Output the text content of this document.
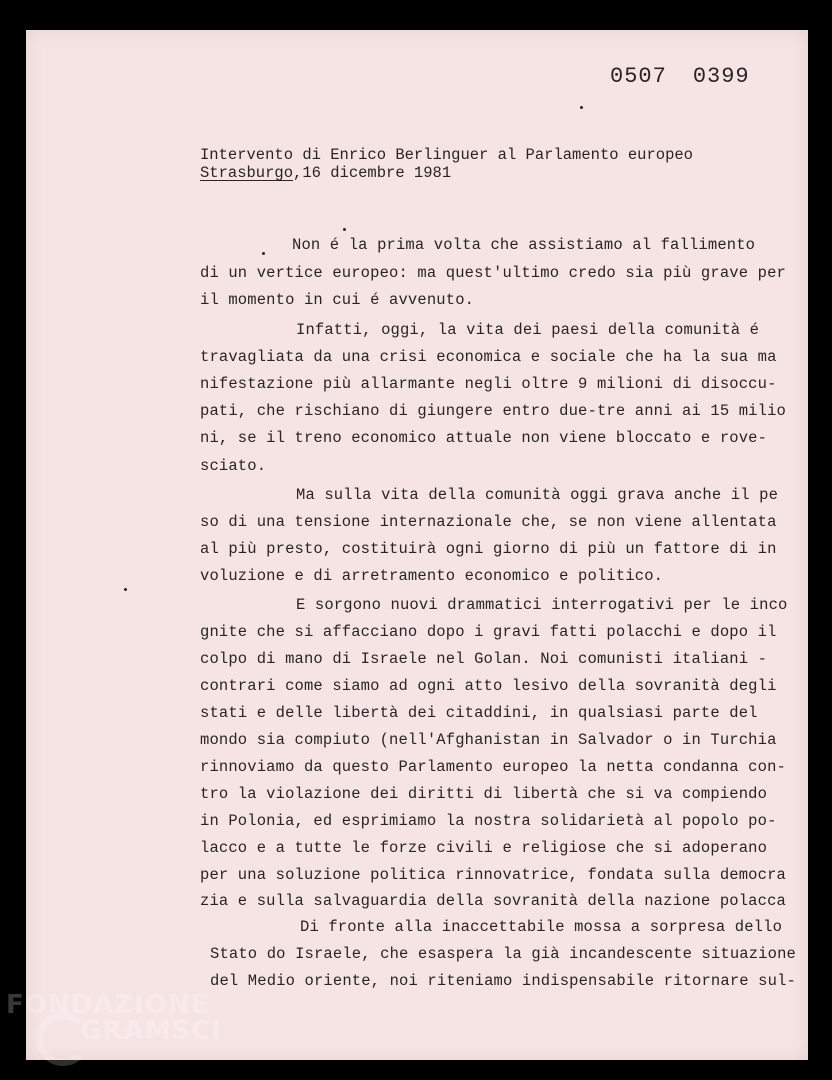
0507 0399
Intervento di Enrico Berlinguer al Parlamento europeo
Strasburgo,16 dicembre 1981
Non é la prima volta che assistiamo al fallimento
di un vertice europeo: ma quest'ultimo credo sia più grave per
il momento in cui é avvenuto.
Infatti, oggi, la vita dei paesi della comunità é
travagliata da una crisi economica e sociale che ha la sua ma
nifestazione più allarmante negli oltre 9 milioni di disoccu-
pati, che rischiano di giungere entro due-tre anni ai 15 milio
ni, se il treno economico attuale non viene bloccato e rove-
sciato.
Ma sulla vita della comunità oggi grava anche il pe
so di una tensione internazionale che, se non viene allentata
al più presto, costituirà ogni giorno di più un fattore di in
voluzione e di arretramento economico e politico.
E sorgono nuovi drammatici interrogativi per le inco
gnite che si affacciano dopo i gravi fatti polacchi e dopo il
colpo di mano di Israele nel Golan. Noi comunisti italiani -
contrari come siamo ad ogni atto lesivo della sovranità degli
stati e delle libertà dei citaddini, in qualsiasi parte del
mondo sia compiuto (nell'Afghanistan in Salvador o in Turchia
rinnoviamo da questo Parlamento europeo la netta condanna con-
tro la violazione dei diritti di libertà che si va compiendo
in Polonia, ed esprimiamo la nostra solidarietà al popolo po-
lacco e a tutte le forze civili e religiose che si adoperano
per una soluzione politica rinnovatrice, fondata sulla democra
zia e sulla salvaguardia della sovranità della nazione polacca
Di fronte alla inaccettabile mossa a sorpresa dello
Stato do Israele, che esaspera la già incandescente situazione
del Medio oriente, noi riteniamo indispensabile ritornare sul-
FONDAZIONE
GRAMSCI
